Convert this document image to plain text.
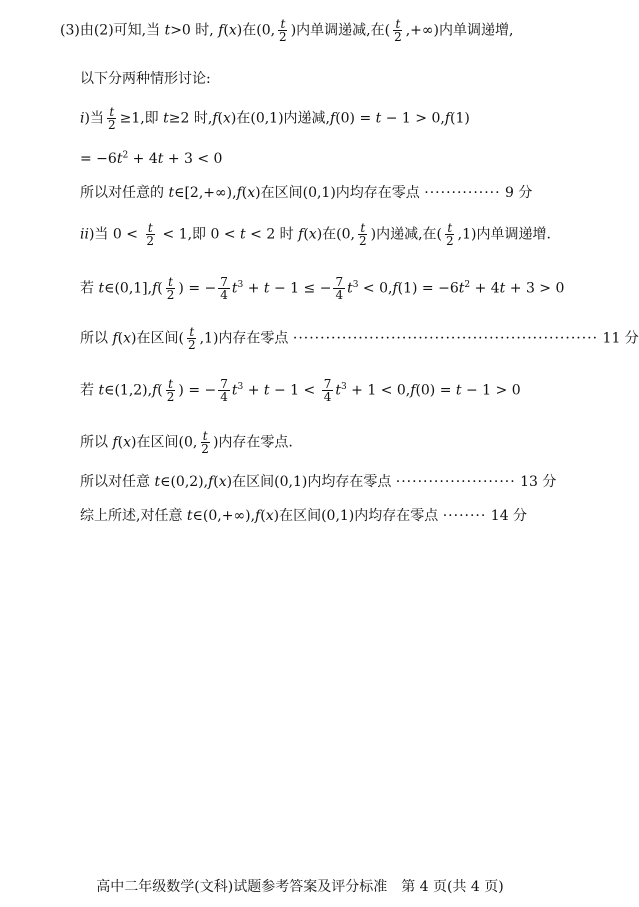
(3)由(2)可知,当 t>0 时, f(x)在(0, $\frac{t}{2}$ )内单调递减,在( $\frac{t}{2}$ ,+∞)内单调递增,
以下分两种情形讨论:
i)当 $\frac{t}{2} \ge 1$,即 t≥2 时,f(x)在(0,1)内递减,f(0) = t − 1 > 0,f(1)
= $-6t^2 + 4t + 3 < 0$
所以对任意的 t∈[2,+∞),f(x)在区间(0,1)内均存在零点 ·············· 9 分
ii)当 $0 < \frac{t}{2} < 1$,即 0 < t < 2 时 f(x)在(0, $\frac{t}{2}$ )内递减,在( $\frac{t}{2} ,1$)内单调递增.
若 t∈(0,1],f( $\frac{t}{2}$ ) = − $\frac{7}{4} t^3 + t - 1$ ≤ − $\frac{7}{4} t^3 < 0,f(1) = -6t^2 + 4t + 3 > 0$
所以 f(x)在区间( $\frac{t}{2} ,1$)内存在零点 ························································ 11 分
若 t∈(1,2),f( $\frac{t}{2}$ ) = − $\frac{7}{4} t^3 + t - 1 < \frac{7}{4} t^3 + 1 < 0,f(0) = t - 1 > 0$
所以 f(x)在区间(0, $\frac{t}{2}$ )内存在零点.
所以对任意 t∈(0,2),f(x)在区间(0,1)内均存在零点 ······················ 13 分
综上所述,对任意 t∈(0,+∞),f(x)在区间(0,1)内均存在零点 ········ 14 分
高中二年级数学(文科)试题参考答案及评分标准　第 4 页(共 4 页)
